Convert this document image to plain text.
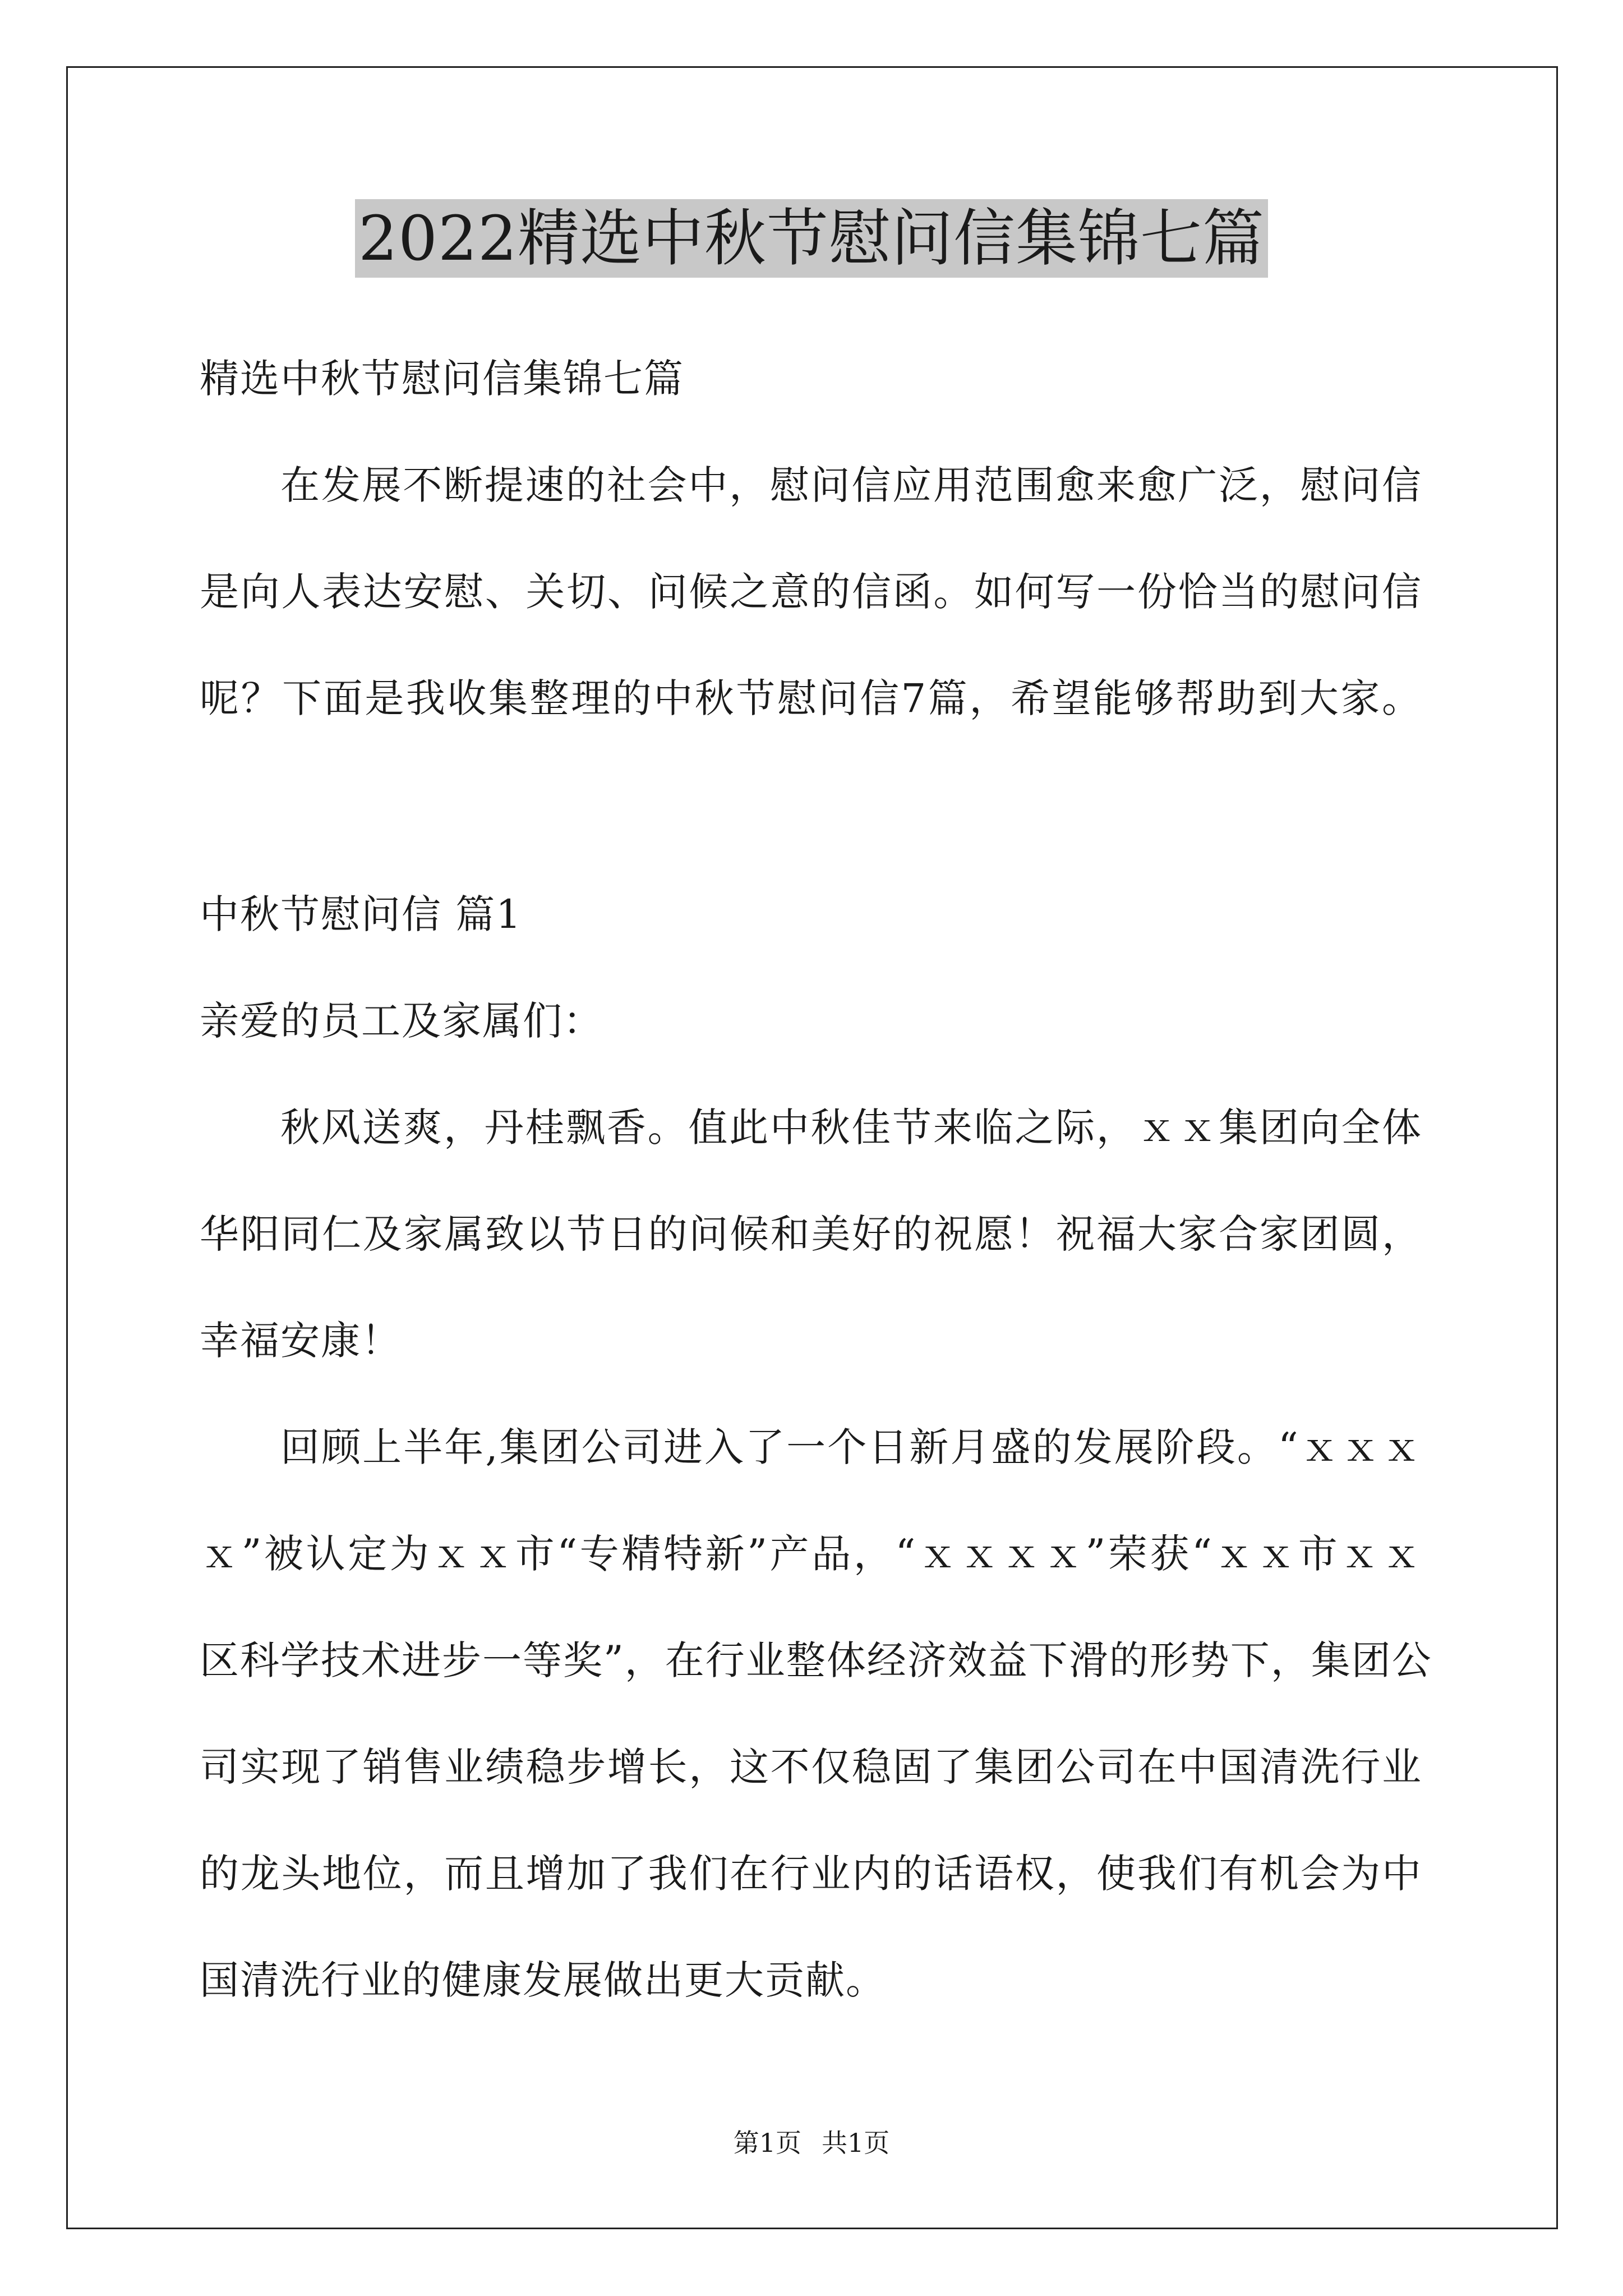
2022精选中秋节慰问信集锦七篇
精选中秋节慰问信集锦七篇
在发展不断提速的社会中，慰问信应用范围愈来愈广泛，慰问信
是向人表达安慰、关切、问候之意的信函。如何写一份恰当的慰问信
呢？下面是我收集整理的中秋节慰问信7篇，希望能够帮助到大家。
中秋节慰问信 篇1
亲爱的员工及家属们：
秋风送爽，丹桂飘香。值此中秋佳节来临之际，ｘｘ集团向全体
华阳同仁及家属致以节日的问候和美好的祝愿！祝福大家合家团圆，
幸福安康！
回顾上半年,集团公司进入了一个日新月盛的发展阶段。“ｘｘｘ
ｘ”被认定为ｘｘ市“专精特新”产品，“ｘｘｘｘ”荣获“ｘｘ市ｘｘ
区科学技术进步一等奖”，在行业整体经济效益下滑的形势下，集团公
司实现了销售业绩稳步增长，这不仅稳固了集团公司在中国清洗行业
的龙头地位，而且增加了我们在行业内的话语权，使我们有机会为中
国清洗行业的健康发展做出更大贡献。
第1页 共1页
